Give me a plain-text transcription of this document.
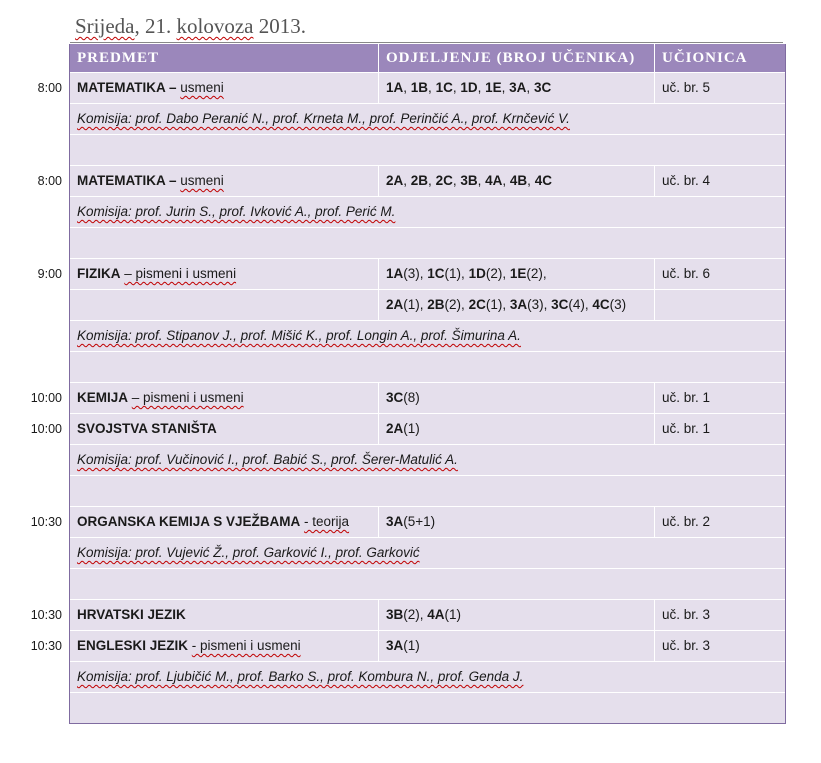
Srijeda, 21. kolovoza 2013.
PREDMET	ODJELJENJE (BROJ UČENIKA)	UČIONICA
8:00	MATEMATIKA – usmeni	1A, 1B, 1C, 1D, 1E, 3A, 3C	uč. br. 5
Komisija: prof. Dabo Peranić N., prof. Krneta M., prof. Perinčić A., prof. Krnčević V.
8:00	MATEMATIKA – usmeni	2A, 2B, 2C, 3B, 4A, 4B, 4C	uč. br. 4
Komisija: prof. Jurin S., prof. Ivković A., prof. Perić M.
9:00	FIZIKA – pismeni i usmeni	1A(3), 1C(1), 1D(2), 1E(2),	uč. br. 6
2A(1), 2B(2), 2C(1), 3A(3), 3C(4), 4C(3)
Komisija: prof. Stipanov J., prof. Mišić K., prof. Longin A., prof. Šimurina A.
10:00	KEMIJA – pismeni i usmeni	3C(8)	uč. br. 1
10:00	SVOJSTVA STANIŠTA	2A(1)	uč. br. 1
Komisija: prof. Vučinović I., prof. Babić S., prof. Šerer-Matulić A.
10:30	ORGANSKA KEMIJA S VJEŽBAMA - teorija	3A(5+1)	uč. br. 2
Komisija: prof. Vujević Ž., prof. Garković I., prof. Garković
10:30	HRVATSKI JEZIK	3B(2), 4A(1)	uč. br. 3
10:30	ENGLESKI JEZIK - pismeni i usmeni	3A(1)	uč. br. 3
Komisija: prof. Ljubičić M., prof. Barko S., prof. Kombura N., prof. Genda J.
